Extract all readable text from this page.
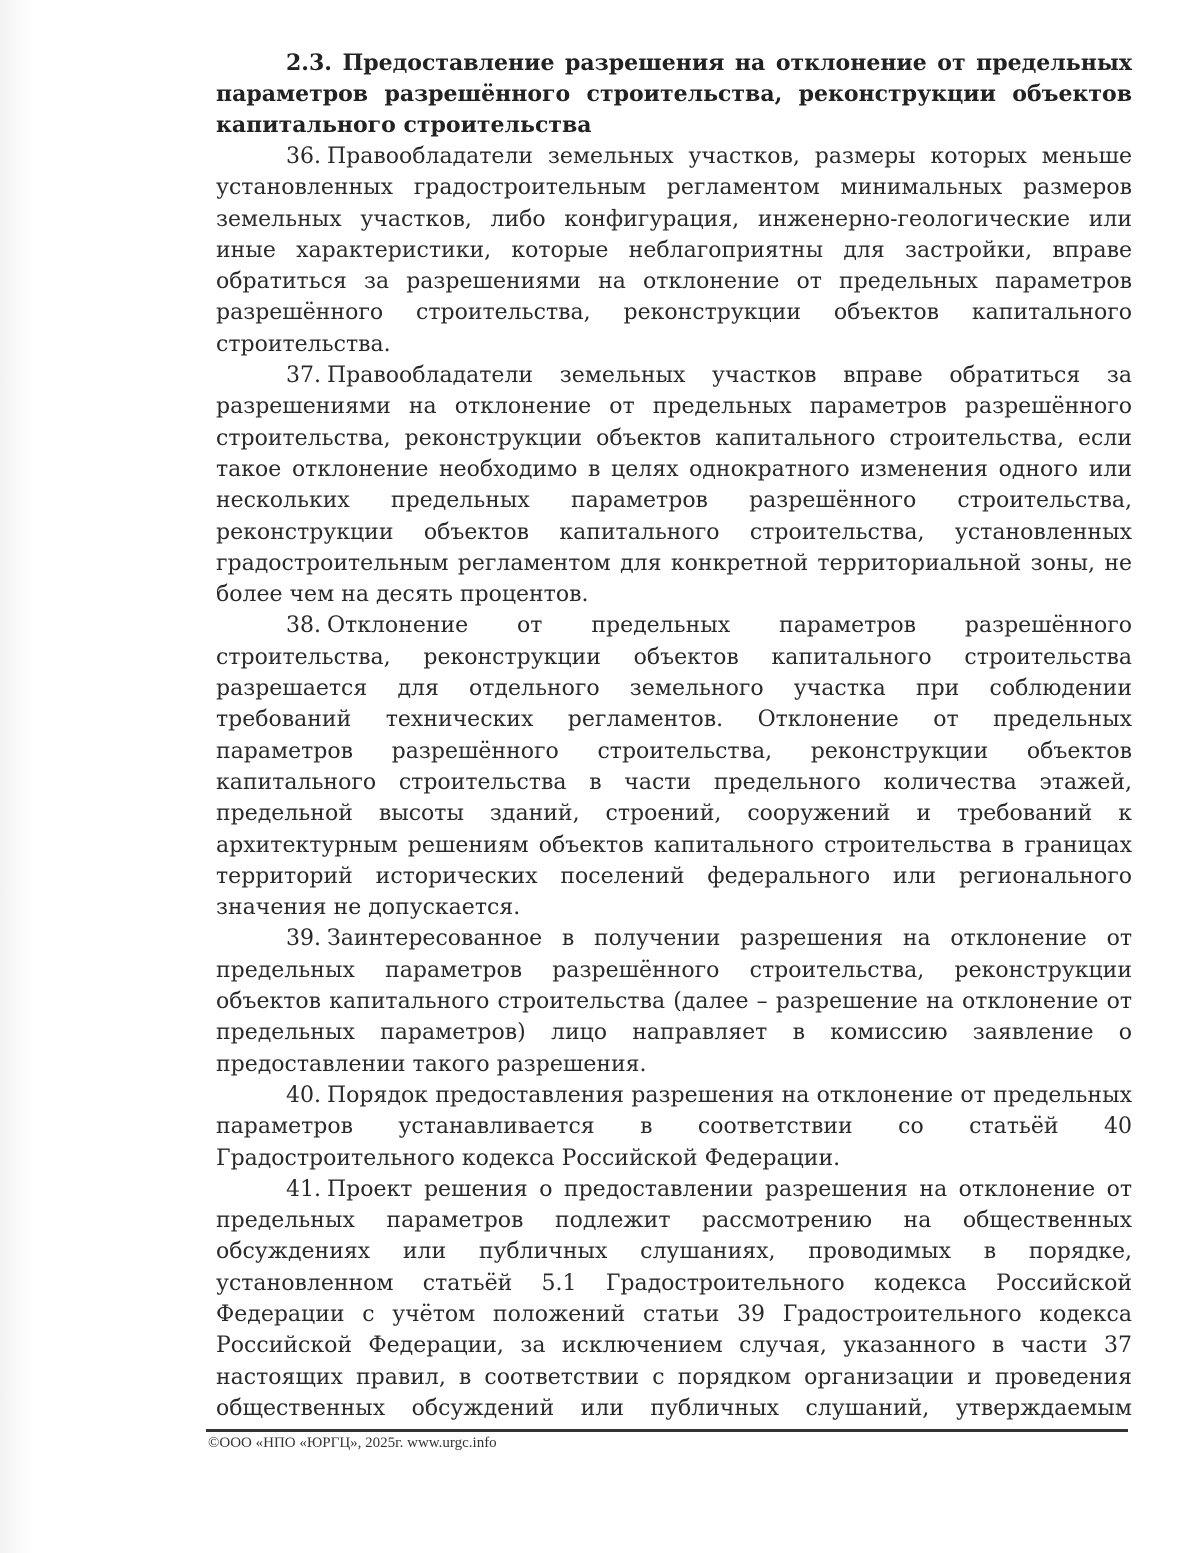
2.3. Предоставление разрешения на отклонение от предельных параметров разрешённого строительства, реконструкции объектов капитального строительства

36. Правообладатели земельных участков, размеры которых меньше установленных градостроительным регламентом минимальных размеров земельных участков, либо конфигурация, инженерно-геологические или иные характеристики, которые неблагоприятны для застройки, вправе обратиться за разрешениями на отклонение от предельных параметров разрешённого строительства, реконструкции объектов капитального строительства.

37. Правообладатели земельных участков вправе обратиться за разрешениями на отклонение от предельных параметров разрешённого строительства, реконструкции объектов капитального строительства, если такое отклонение необходимо в целях однократного изменения одного или нескольких предельных параметров разрешённого строительства, реконструкции объектов капитального строительства, установленных градостроительным регламентом для конкретной территориальной зоны, не более чем на десять процентов.

38. Отклонение от предельных параметров разрешённого строительства, реконструкции объектов капитального строительства разрешается для отдельного земельного участка при соблюдении требований технических регламентов. Отклонение от предельных параметров разрешённого строительства, реконструкции объектов капитального строительства в части предельного количества этажей, предельной высоты зданий, строений, сооружений и требований к архитектурным решениям объектов капитального строительства в границах территорий исторических поселений федерального или регионального значения не допускается.

39. Заинтересованное в получении разрешения на отклонение от предельных параметров разрешённого строительства, реконструкции объектов капитального строительства (далее – разрешение на отклонение от предельных параметров) лицо направляет в комиссию заявление о предоставлении такого разрешения.

40. Порядок предоставления разрешения на отклонение от предельных параметров устанавливается в соответствии со статьёй 40 Градостроительного кодекса Российской Федерации.

41. Проект решения о предоставлении разрешения на отклонение от предельных параметров подлежит рассмотрению на общественных обсуждениях или публичных слушаниях, проводимых в порядке, установленном статьёй 5.1 Градостроительного кодекса Российской Федерации с учётом положений статьи 39 Градостроительного кодекса Российской Федерации, за исключением случая, указанного в части 37 настоящих правил, в соответствии с порядком организации и проведения общественных обсуждений или публичных слушаний, утверждаемым

©ООО «НПО «ЮРГЦ», 2025г. www.urgc.info
